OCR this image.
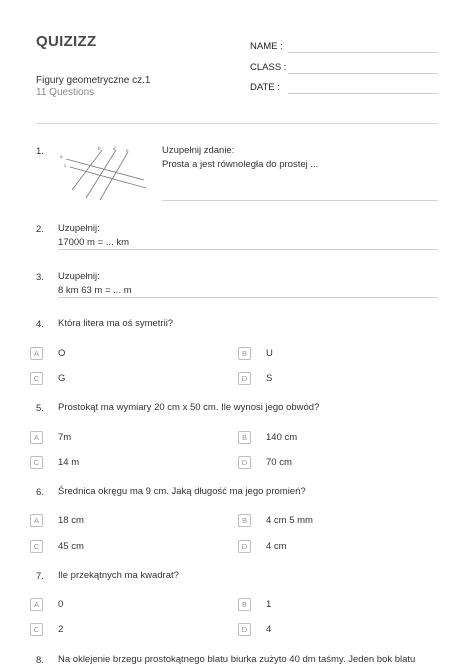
QUIZIZZ
Figury geometryczne cz.1
11 Questions
NAME :
CLASS :
DATE :
1.	a
c
b	d e	Uzupełnij zdanie:
Prosta a jest równoległa do prostej ...
2. Uzupełnij:
17000 m = ... km
3. Uzupełnij:
8 km 63 m = ... m
4. Która litera ma oś symetrii?
A	O	B	U
C	G	D	S
5. Prostokąt ma wymiary 20 cm x 50 cm. Ile wynosi jego obwód?
A	7m	B	140 cm
C	14 m	D	70 cm
6. Średnica okręgu ma 9 cm. Jaką długość ma jego promień?
A	18 cm	B	4 cm 5 mm
C	45 cm	D	4 cm
7. Ile przekątnych ma kwadrat?
A	0	B	1
C	2	D	4
8. Na oklejenie brzegu prostokątnego blatu biurka zużyto 40 dm taśmy. Jeden bok blatu
